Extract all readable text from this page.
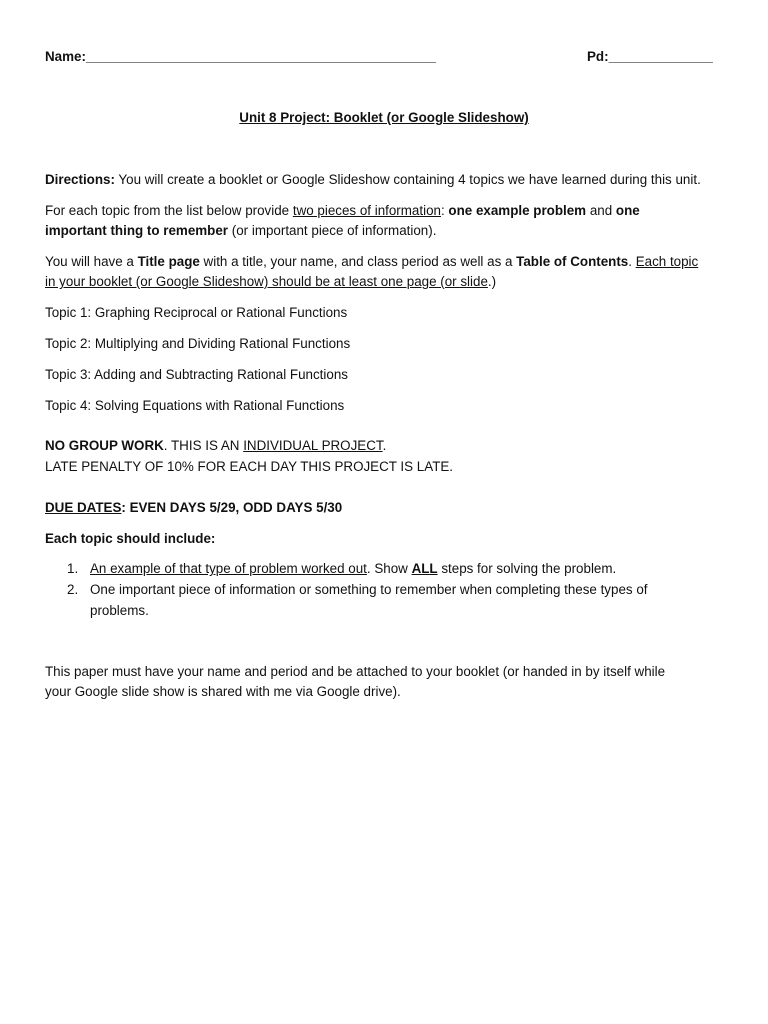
Name:_______________________________________________	Pd:______________
Unit 8 Project: Booklet (or Google Slideshow)
Directions: You will create a booklet or Google Slideshow containing 4 topics we have learned during this unit.
For each topic from the list below provide two pieces of information: one example problem and one
important thing to remember (or important piece of information).
You will have a Title page with a title, your name, and class period as well as a Table of Contents. Each topic
in your booklet (or Google Slideshow) should be at least one page (or slide.)
Topic 1: Graphing Reciprocal or Rational Functions
Topic 2: Multiplying and Dividing Rational Functions
Topic 3: Adding and Subtracting Rational Functions
Topic 4: Solving Equations with Rational Functions
NO GROUP WORK. THIS IS AN INDIVIDUAL PROJECT.
LATE PENALTY OF 10% FOR EACH DAY THIS PROJECT IS LATE.
DUE DATES: EVEN DAYS 5/29, ODD DAYS 5/30
Each topic should include:
1. An example of that type of problem worked out. Show ALL steps for solving the problem.
2. One important piece of information or something to remember when completing these types of
problems.
This paper must have your name and period and be attached to your booklet (or handed in by itself while
your Google slide show is shared with me via Google drive).
